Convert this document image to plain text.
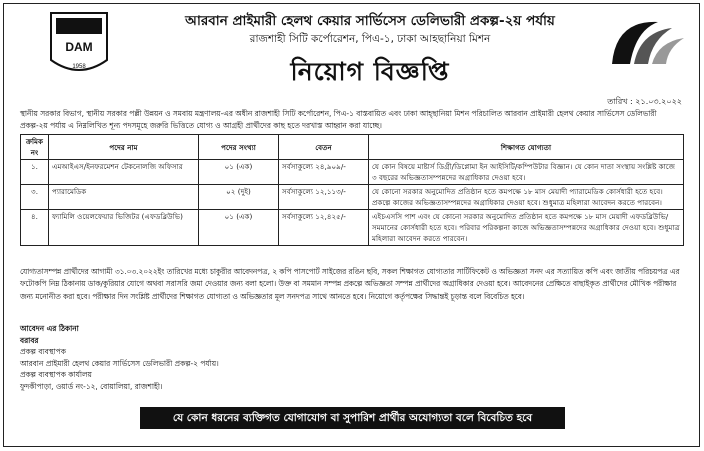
DAM
1958
আরবান প্রাইমারী হেলথ কেয়ার সার্ভিসেস ডেলিভারী প্রকল্প-২য় পর্যায়
রাজশাহী সিটি কর্পোরেশন, পিএ-১, ঢাকা আহছানিয়া মিশন
নিয়োগ বিজ্ঞপ্তি
তারিখ : ২১.০৩.২০২২
স্থানীয় সরকার বিভাগ, স্থানীয় সরকার পল্লী উন্নয়ন ও সমবায় মন্ত্রণালয়-এর অধীন রাজশাহী সিটি কর্পোরেশন, পিএ-১ বাস্তবায়িত এবং ঢাকা আহ্ছানিয়া মিশন পরিচালিত আরবান প্রাইমারী হেলথ কেয়ার সার্ভিসেস ডেলিভারী প্রকল্প-২য় পর্যায় এ নিম্নলিখিত শূন্য পদসমূহে জরুরি ভিত্তিতে যোগ্য ও আগ্রহী প্রার্থীদের কাছ হতে দরখাস্ত আহ্বান করা যাচ্ছে।
ক্রমিক নং	পদের নাম	পদের সংখ্যা	বেতন	শিক্ষাগত যোগ্যতা
১.	এমআইএস/ইনফরমেশন টেকনোলজি অফিসার	০১ (এক)	সর্বসাকুল্যে ২৪,৯০৯/-	যে কোন বিষয়ে মাষ্টার্স ডিগ্রী/ডিপ্লোমা ইন আইসিটি/কম্পিউটার বিজ্ঞান। যে কোন দাতা সংস্থায় সংশ্লিষ্ট কাজে ৩ বছরের অভিজ্ঞতাসম্পন্নদের অগ্রাধিকার দেওয়া হবে।
৩.	প্যারামেডিক	০২ (দুই)	সর্বসাকুল্যে ১২,১১৩/-	যে কোনো সরকার অনুমোদিত প্রতিষ্ঠান হতে কমপক্ষে ১৮ মাস মেয়াদী প্যারামেডিক কোর্সধারী হতে হবে। প্রকল্পে কাজের অভিজ্ঞতাসম্পন্নদের অগ্রাধিকার দেওয়া হবে। শুধুমাত্র মহিলারা আবেদন করতে পারবেন।
৪.	ফ্যামিলি ওয়েলফেয়ার ভিজিটর (এফডব্লিউভি)	০১ (এক)	সর্বসাকুল্যে ১২,৪২৫/-	এইচএসসি পাশ এবং যে কোনো সরকার অনুমোদিত প্রতিষ্ঠান হতে কমপক্ষে ১৮ মাস মেয়াদী এফডব্লিউভি/সমমানের কোর্সধারী হতে হবে। পরিবার পরিকল্পনা কাজে অভিজ্ঞতাসম্পন্নদের অগ্রাধিকার দেওয়া হবে। শুধুমাত্র মহিলারা আবেদন করতে পারবেন।
যোগ্যতাসম্পন্ন প্রার্থীদের আগামী ৩১.০৩.২০২২ইং তারিখের মধ্যে চাকুরীর আবেদনপত্র, ২ কপি পাসপোর্ট সাইজের রঙিন ছবি, সকল শিক্ষাগত যোগ্যতার সার্টিফিকেট ও অভিজ্ঞতা সনদ এর সত্যায়িত কপি এবং জাতীয় পরিচয়পত্র এর ফটোকপি নিম্ন ঠিকানায় ডাক/কুরিয়ার যোগে অথবা সরাসরি জমা দেওয়ার জন্য বলা হলো। উক্ত বা সমমান সম্পন্ন প্রকল্পে অভিজ্ঞতা সম্পন্ন প্রার্থীদের অগ্রাধিকার দেওয়া হবে। আবেদনের প্রেক্ষিতে বাছাইকৃত প্রার্থীদের মৌখিক পরীক্ষার জন্য মনোনীত করা হবে। পরীক্ষার দিন সংশ্লিষ্ট প্রার্থীদের শিক্ষাগত যোগ্যতা ও অভিজ্ঞতার মূল সনদপত্র সাথে আনতে হবে। নিয়োগে কর্তৃপক্ষের সিদ্ধান্তই চূড়ান্ত বলে বিবেচিত হবে।
আবেদন এর ঠিকানা
বরাবর
প্রকল্প ব্যবস্থাপক
আরবান প্রাইমারী হেলথ কেয়ার সার্ভিসেস ডেলিভারী প্রকল্প-২ পর্যায়।
প্রকল্প ব্যবস্থাপক কার্যালয়
ফুদকীপাড়া, ওয়ার্ড নং-১২, বোয়ালিয়া, রাজশাহী।
যে কোন ধরনের ব্যক্তিগত যোগাযোগ বা সুপারিশ প্রার্থীর অযোগ্যতা বলে বিবেচিত হবে
